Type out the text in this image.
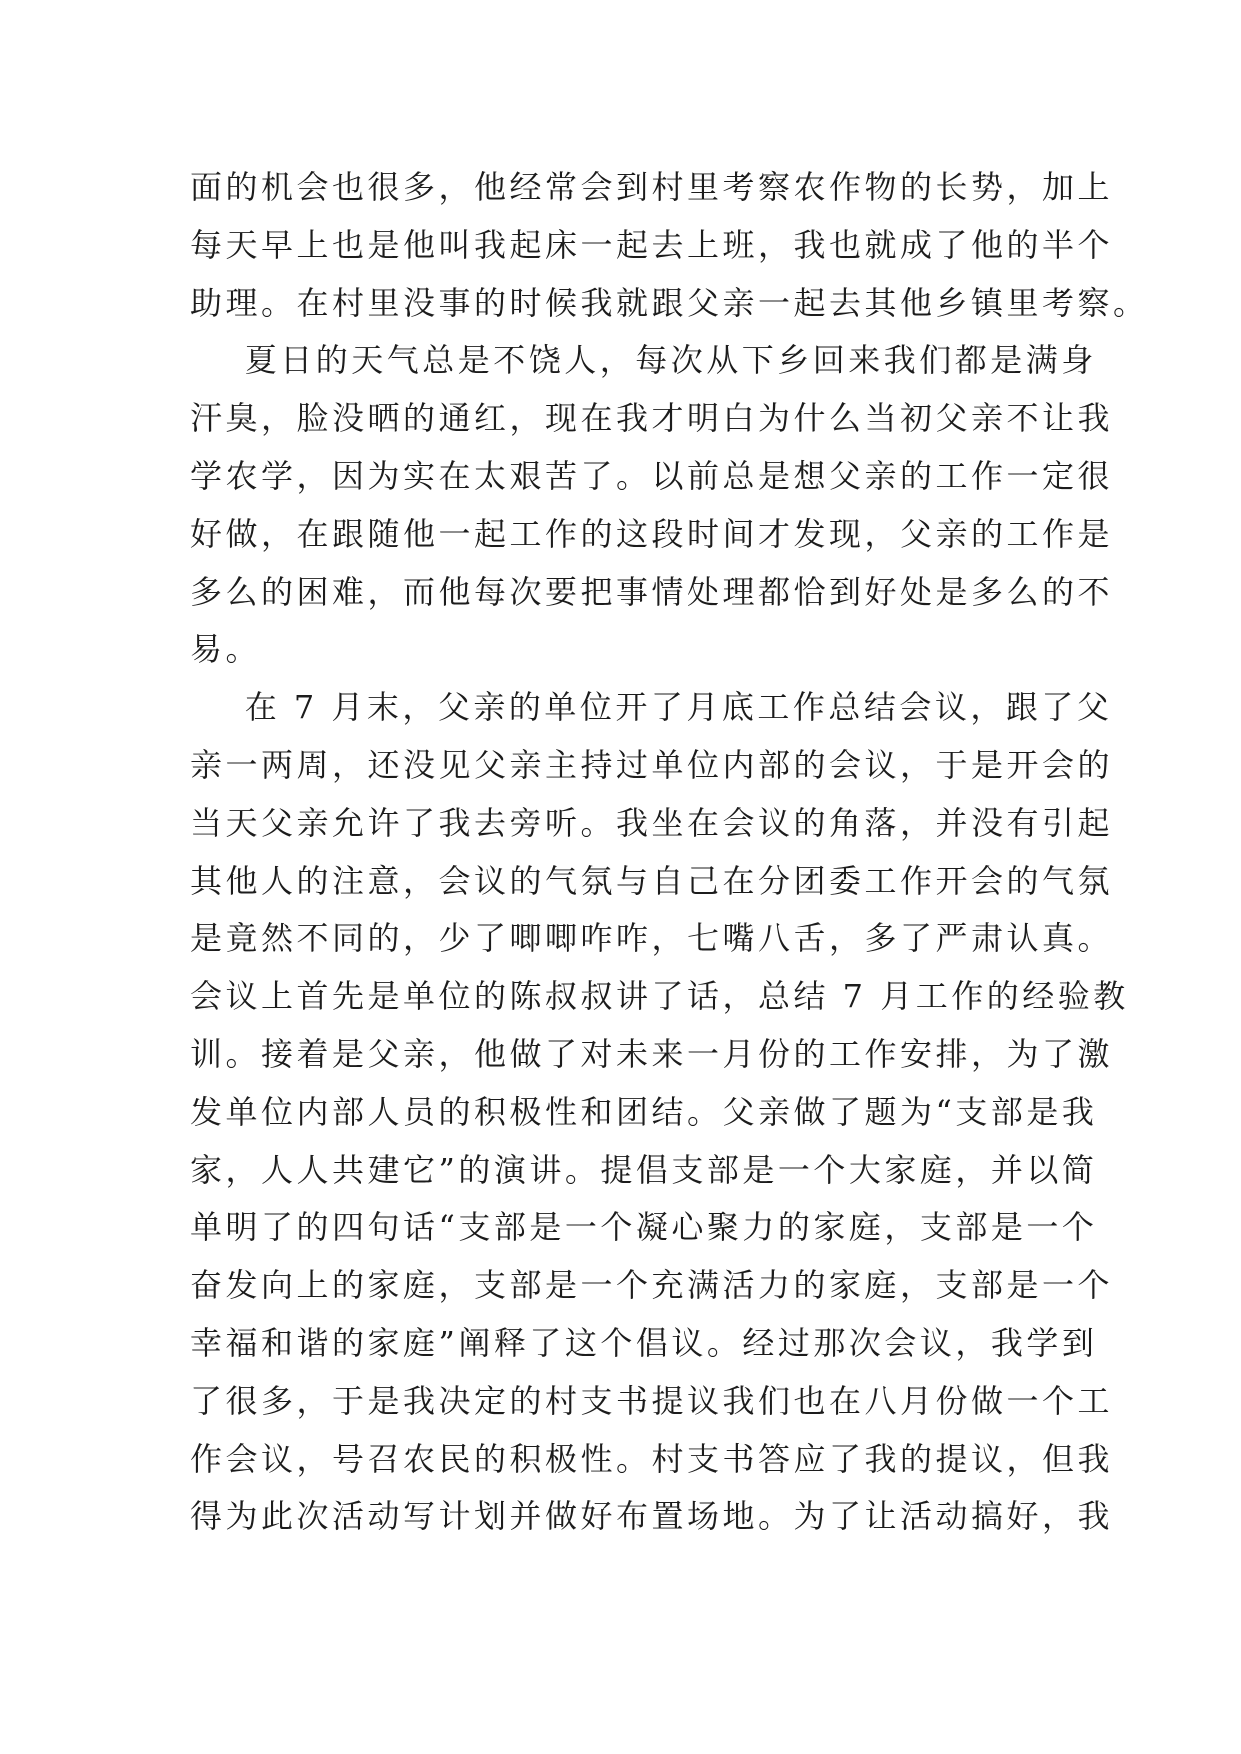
面的机会也很多，他经常会到村里考察农作物的长势，加上
每天早上也是他叫我起床一起去上班，我也就成了他的半个
助理。在村里没事的时候我就跟父亲一起去其他乡镇里考察。
夏日的天气总是不饶人，每次从下乡回来我们都是满身
汗臭，脸没晒的通红，现在我才明白为什么当初父亲不让我
学农学，因为实在太艰苦了。以前总是想父亲的工作一定很
好做，在跟随他一起工作的这段时间才发现，父亲的工作是
多么的困难，而他每次要把事情处理都恰到好处是多么的不
易。
在 7 月末，父亲的单位开了月底工作总结会议，跟了父
亲一两周，还没见父亲主持过单位内部的会议，于是开会的
当天父亲允许了我去旁听。我坐在会议的角落，并没有引起
其他人的注意，会议的气氛与自己在分团委工作开会的气氛
是竟然不同的，少了唧唧咋咋，七嘴八舌，多了严肃认真。
会议上首先是单位的陈叔叔讲了话，总结 7 月工作的经验教
训。接着是父亲，他做了对未来一月份的工作安排，为了激
发单位内部人员的积极性和团结。父亲做了题为“支部是我
家，人人共建它”的演讲。提倡支部是一个大家庭，并以简
单明了的四句话“支部是一个凝心聚力的家庭，支部是一个
奋发向上的家庭，支部是一个充满活力的家庭，支部是一个
幸福和谐的家庭”阐释了这个倡议。经过那次会议，我学到
了很多，于是我决定的村支书提议我们也在八月份做一个工
作会议，号召农民的积极性。村支书答应了我的提议，但我
得为此次活动写计划并做好布置场地。为了让活动搞好，我
